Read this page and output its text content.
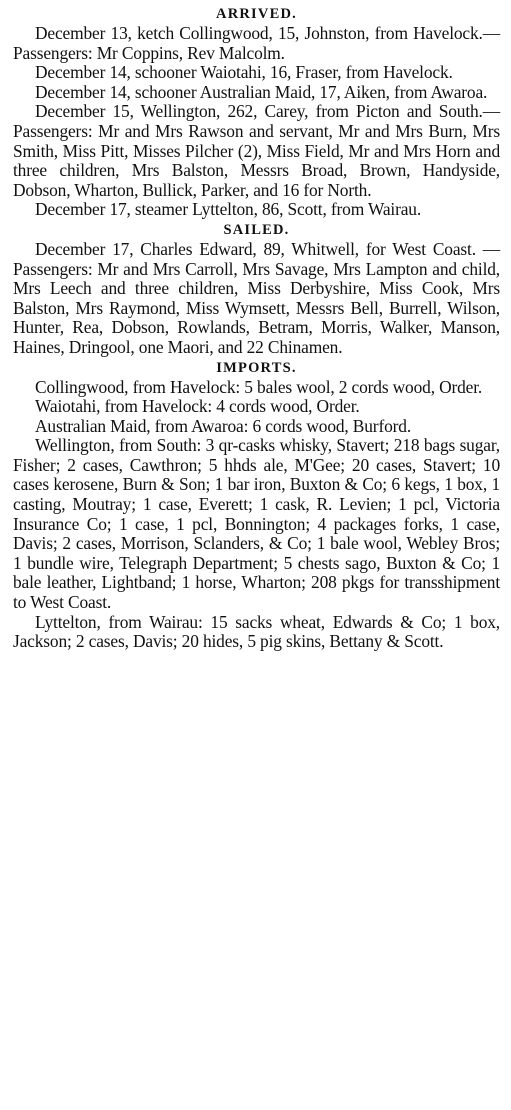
ARRIVED.

December 13, ketch Collingwood, 15, Johnston, from Havelock.—Passengers: Mr Coppins, Rev Malcolm.

December 14, schooner Waiotahi, 16, Fraser, from Havelock.

December 14, schooner Australian Maid, 17, Aiken, from Awaroa.

December 15, Wellington, 262, Carey, from Picton and South.—Passengers: Mr and Mrs Rawson and servant, Mr and Mrs Burn, Mrs Smith, Miss Pitt, Misses Pilcher (2), Miss Field, Mr and Mrs Horn and three children, Mrs Balston, Messrs Broad, Brown, Handyside, Dobson, Wharton, Bullick, Parker, and 16 for North.

December 17, steamer Lyttelton, 86, Scott, from Wairau.

SAILED.

December 17, Charles Edward, 89, Whitwell, for West Coast. — Passengers: Mr and Mrs Carroll, Mrs Savage, Mrs Lampton and child, Mrs Leech and three children, Miss Derbyshire, Miss Cook, Mrs Balston, Mrs Raymond, Miss Wymsett, Messrs Bell, Burrell, Wilson, Hunter, Rea, Dobson, Rowlands, Betram, Morris, Walker, Manson, Haines, Dringool, one Maori, and 22 Chinamen.

IMPORTS.

Collingwood, from Havelock: 5 bales wool, 2 cords wood, Order.

Waiotahi, from Havelock: 4 cords wood, Order.

Australian Maid, from Awaroa: 6 cords wood, Burford.

Wellington, from South: 3 qr-casks whisky, Stavert; 218 bags sugar, Fisher; 2 cases, Cawthron; 5 hhds ale, M'Gee; 20 cases, Stavert; 10 cases kerosene, Burn & Son; 1 bar iron, Buxton & Co; 6 kegs, 1 box, 1 casting, Moutray; 1 case, Everett; 1 cask, R. Levien; 1 pcl, Victoria Insurance Co; 1 case, 1 pcl, Bonnington; 4 packages forks, 1 case, Davis; 2 cases, Morrison, Sclanders, & Co; 1 bale wool, Webley Bros; 1 bundle wire, Telegraph Department; 5 chests sago, Buxton & Co; 1 bale leather, Lightband; 1 horse, Wharton; 208 pkgs for transshipment to West Coast.

Lyttelton, from Wairau: 15 sacks wheat, Edwards & Co; 1 box, Jackson; 2 cases, Davis; 20 hides, 5 pig skins, Bettany & Scott.
